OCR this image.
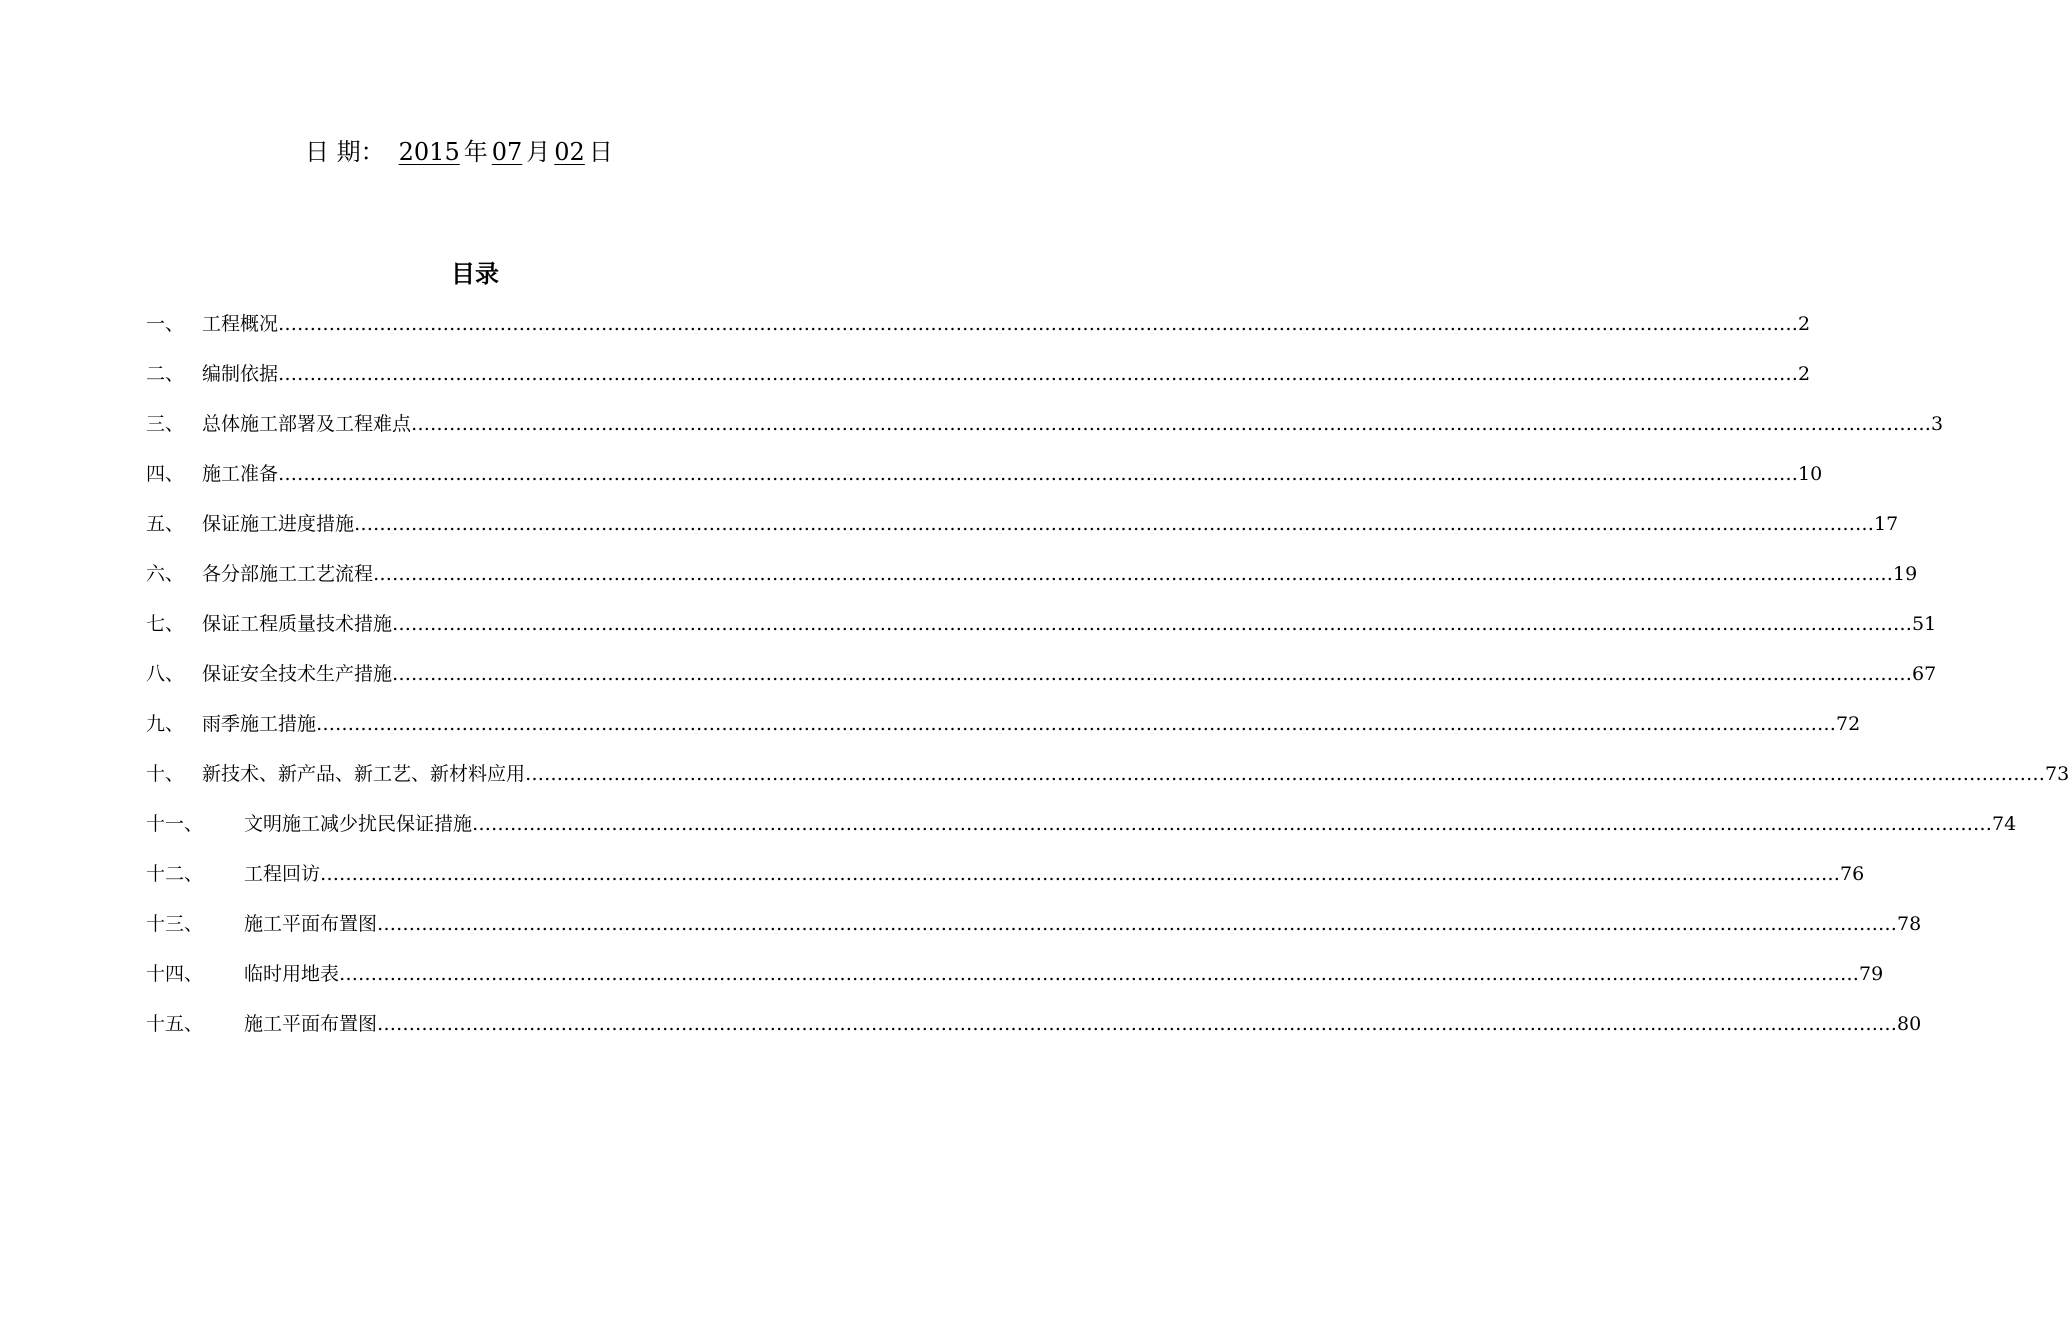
日 期： 2015 年 07 月 02 日
目录
一、 工程概况 …………………………………………………………………………………………………………………………………………………………………………………………………………………… 2
二、 编制依据 …………………………………………………………………………………………………………………………………………………………………………………………………………………… 2
三、 总体施工部署及工程难点 …………………………………………………………………………………………………………………………………………………………………………………………………………………… 3
四、 施工准备 …………………………………………………………………………………………………………………………………………………………………………………………………………………… 10
五、 保证施工进度措施 …………………………………………………………………………………………………………………………………………………………………………………………………………………… 17
六、 各分部施工工艺流程 …………………………………………………………………………………………………………………………………………………………………………………………………………………… 19
七、 保证工程质量技术措施 …………………………………………………………………………………………………………………………………………………………………………………………………………………… 51
八、 保证安全技术生产措施 …………………………………………………………………………………………………………………………………………………………………………………………………………………… 67
九、 雨季施工措施 …………………………………………………………………………………………………………………………………………………………………………………………………………………… 72
十、 新技术、新产品、新工艺、新材料应用 …………………………………………………………………………………………………………………………………………………………………………………………………………………… 73
十一、 文明施工减少扰民保证措施 …………………………………………………………………………………………………………………………………………………………………………………………………………………… 74
十二、 工程回访 …………………………………………………………………………………………………………………………………………………………………………………………………………………… 76
十三、 施工平面布置图 …………………………………………………………………………………………………………………………………………………………………………………………………………………… 78
十四、 临时用地表 …………………………………………………………………………………………………………………………………………………………………………………………………………………… 79
十五、 施工平面布置图 …………………………………………………………………………………………………………………………………………………………………………………………………………………… 80
